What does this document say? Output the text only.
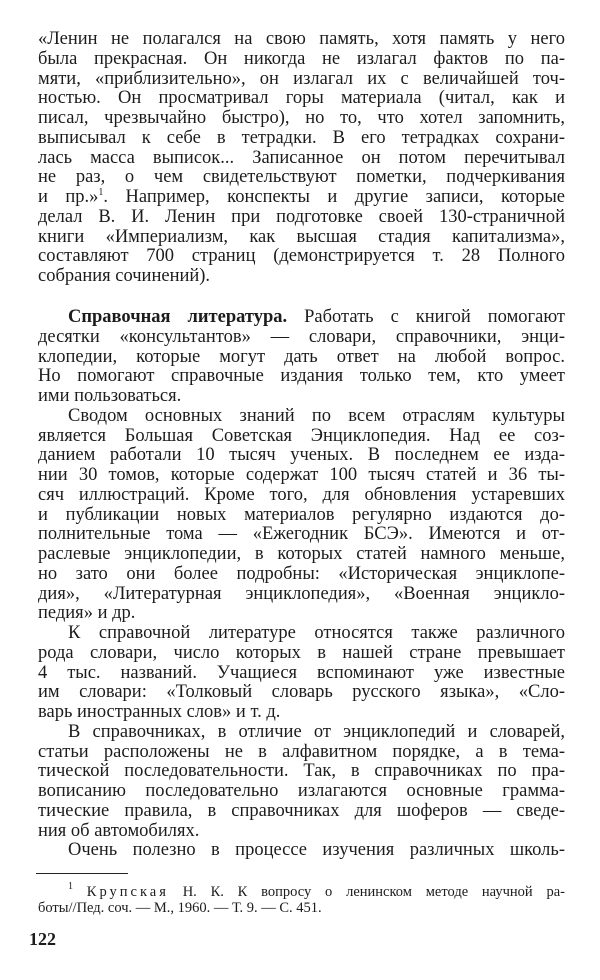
«Ленин не полагался на свою память, хотя память у него
была прекрасная. Он никогда не излагал фактов по па-
мяти, «приблизительно», он излагал их с величайшей точ-
ностью. Он просматривал горы материала (читал, как и
писал, чрезвычайно быстро), но то, что хотел запомнить,
выписывал к себе в тетрадки. В его тетрадках сохрани-
лась масса выписок... Записанное он потом перечитывал
не раз, о чем свидетельствуют пометки, подчеркивания
и пр.»$^1$. Например, конспекты и другие записи, которые
делал В. И. Ленин при подготовке своей 130-страничной
книги «Империализм, как высшая стадия капитализма»,
составляют 700 страниц (демонстрируется т. 28 Полного
собрания сочинений).
Справочная литература. Работать с книгой помогают
десятки «консультантов» — словари, справочники, энци-
клопедии, которые могут дать ответ на любой вопрос.
Но помогают справочные издания только тем, кто умеет
ими пользоваться.
Сводом основных знаний по всем отраслям культуры
является Большая Советская Энциклопедия. Над ее соз-
данием работали 10 тысяч ученых. В последнем ее изда-
нии 30 томов, которые содержат 100 тысяч статей и 36 ты-
сяч иллюстраций. Кроме того, для обновления устаревших
и публикации новых материалов регулярно издаются до-
полнительные тома — «Ежегодник БСЭ». Имеются и от-
раслевые энциклопедии, в которых статей намного меньше,
но зато они более подробны: «Историческая энциклопе-
дия», «Литературная энциклопедия», «Военная энцикло-
педия» и др.
К справочной литературе относятся также различного
рода словари, число которых в нашей стране превышает
4 тыс. названий. Учащиеся вспоминают уже известные
им словари: «Толковый словарь русского языка», «Сло-
варь иностранных слов» и т. д.
В справочниках, в отличие от энциклопедий и словарей,
статьи расположены не в алфавитном порядке, а в тема-
тической последовательности. Так, в справочниках по пра-
вописанию последовательно излагаются основные грамма-
тические правила, в справочниках для шоферов — сведе-
ния об автомобилях.
Очень полезно в процессе изучения различных школь-
$^1$ Крупская Н. К. К вопросу о ленинском методе научной ра-
боты//Пед. соч. — М., 1960. — Т. 9. — С. 451.
122
